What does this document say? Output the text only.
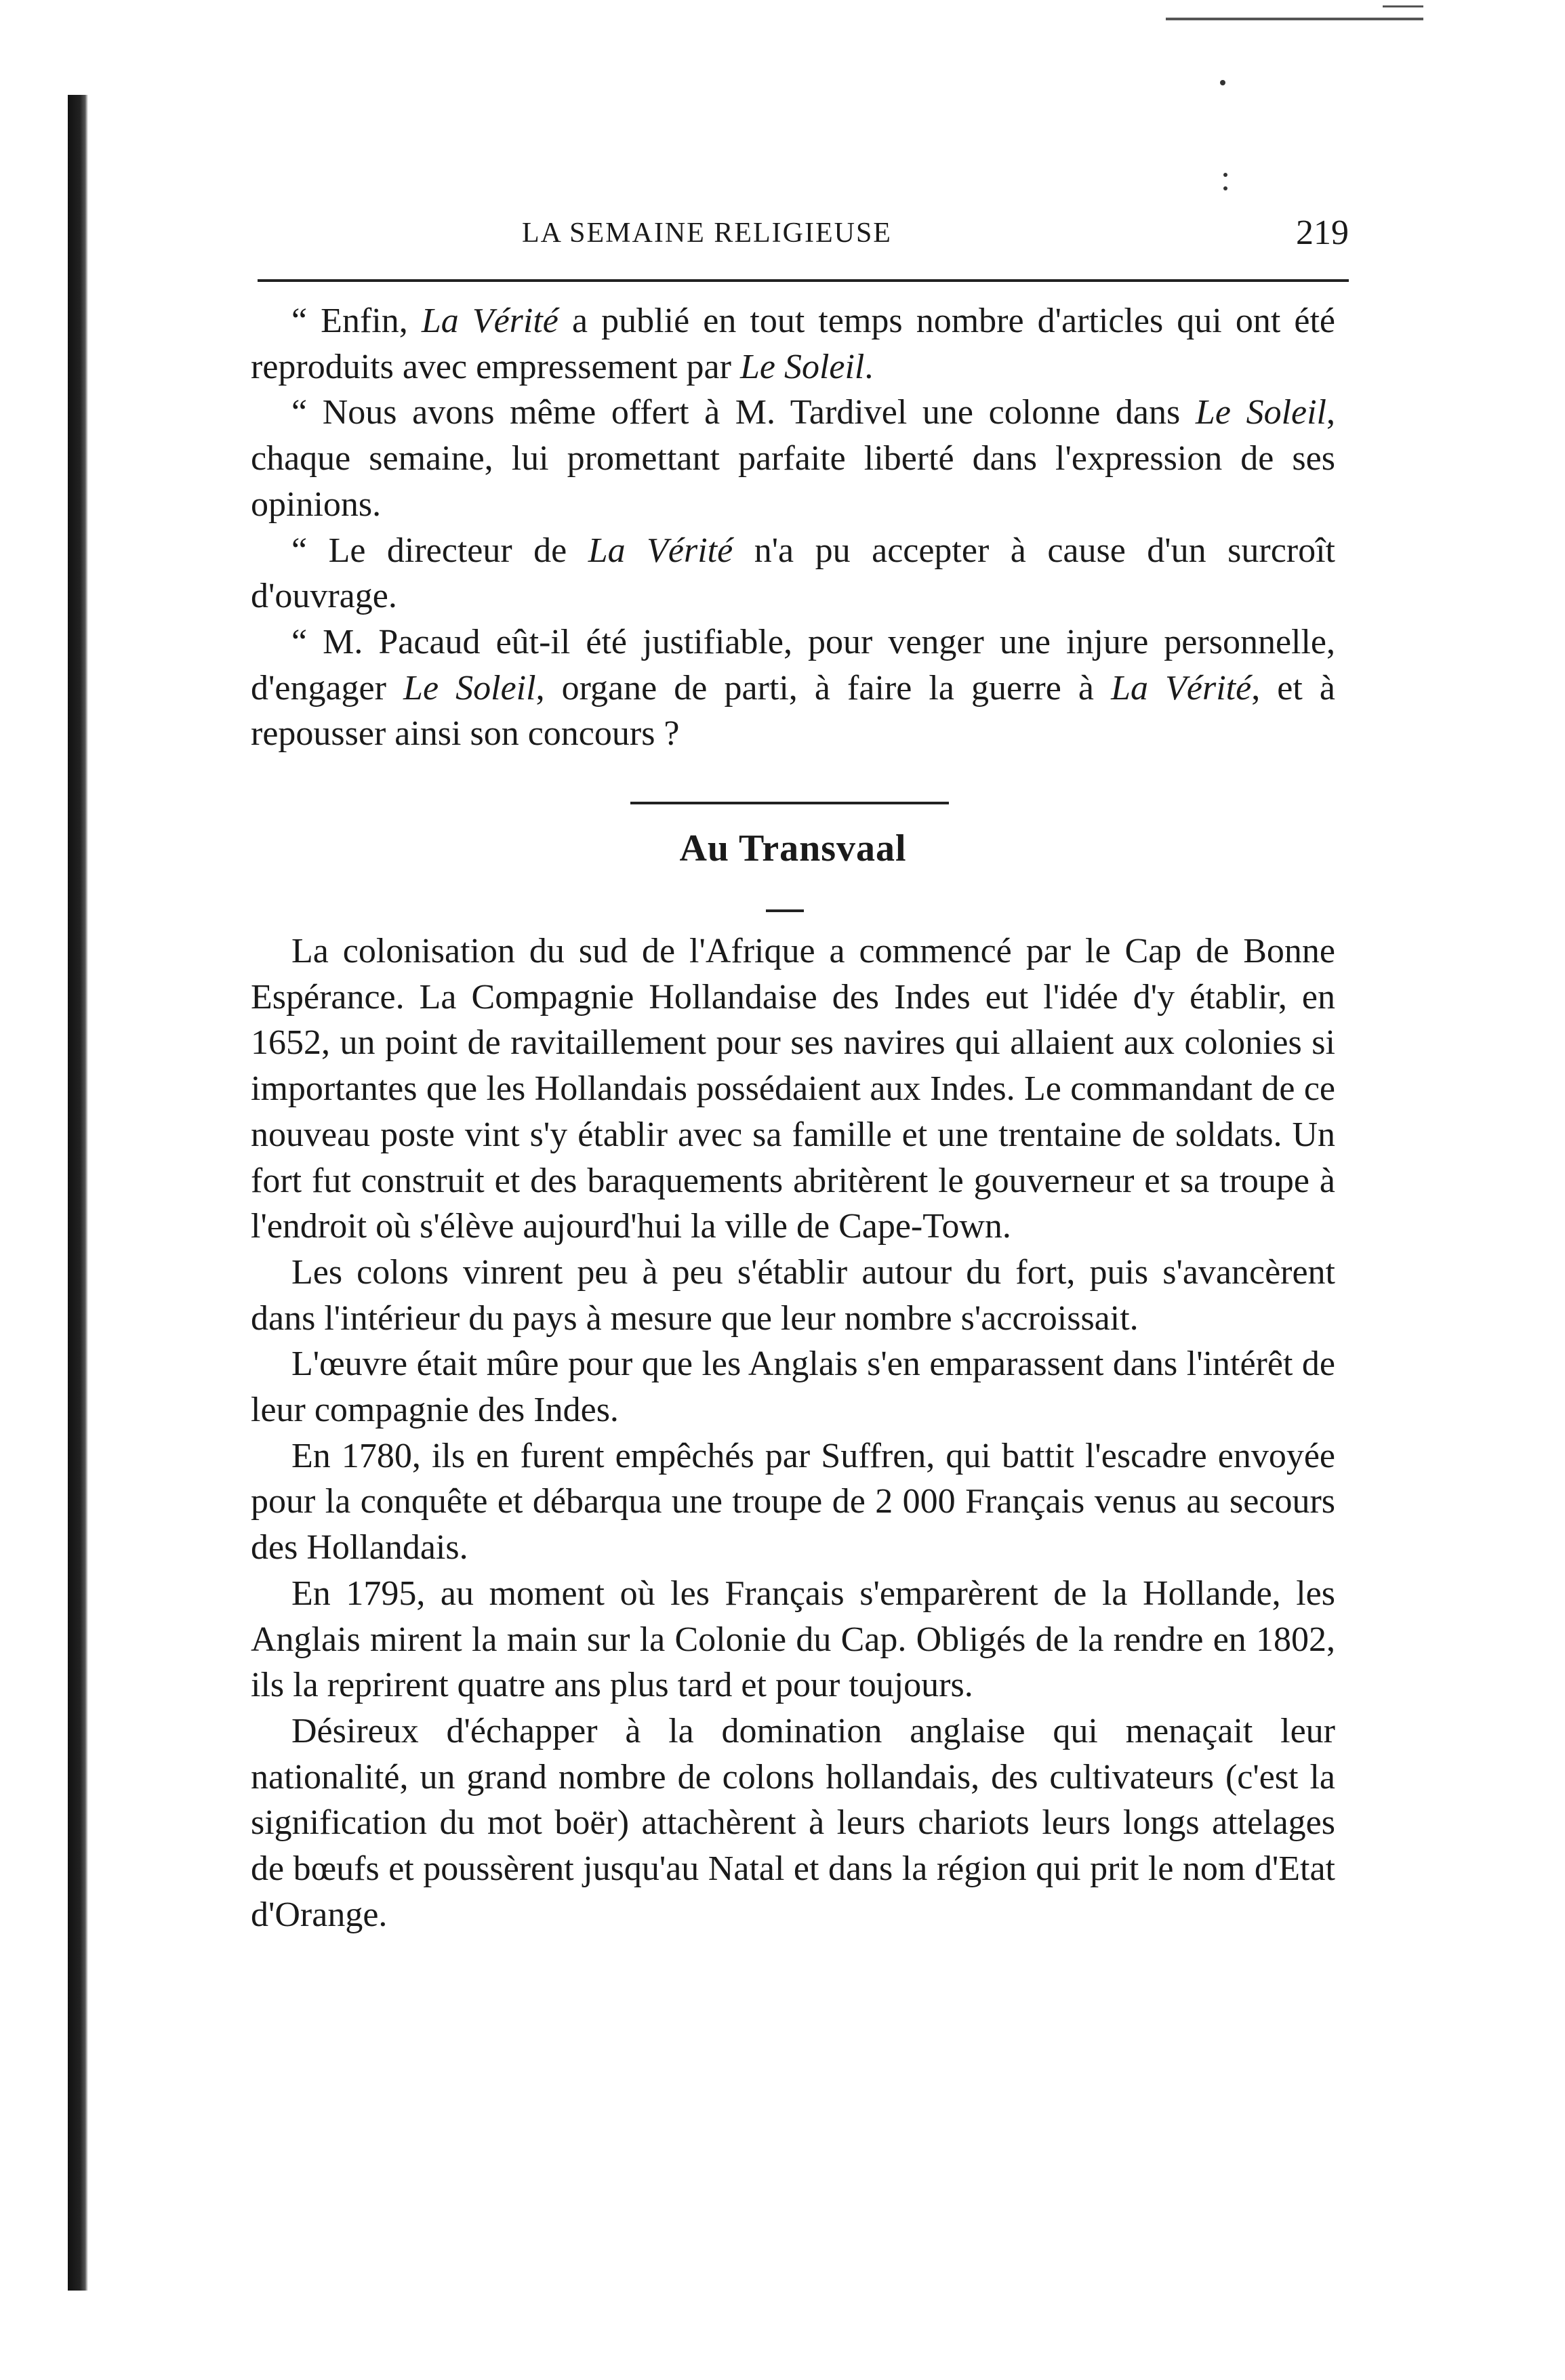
LA SEMAINE RELIGIEUSE	219

“ Enfin, La Vérité a publié en tout temps nombre d'articles qui ont été reproduits avec empressement par Le Soleil.

“ Nous avons même offert à M. Tardivel une colonne dans Le Soleil, chaque semaine, lui promettant parfaite liberté dans l'expression de ses opinions.

“ Le directeur de La Vérité n'a pu accepter à cause d'un surcroît d'ouvrage.

“ M. Pacaud eût-il été justifiable, pour venger une injure personnelle, d'engager Le Soleil, organe de parti, à faire la guerre à La Vérité, et à repousser ainsi son concours ?

Au Transvaal

La colonisation du sud de l'Afrique a commencé par le Cap de Bonne Espérance. La Compagnie Hollandaise des Indes eut l'idée d'y établir, en 1652, un point de ravitaillement pour ses navires qui allaient aux colonies si importantes que les Hollandais possédaient aux Indes. Le commandant de ce nouveau poste vint s'y établir avec sa famille et une trentaine de soldats. Un fort fut construit et des baraquements abritèrent le gouverneur et sa troupe à l'endroit où s'élève aujourd'hui la ville de Cape-Town.

Les colons vinrent peu à peu s'établir autour du fort, puis s'avancèrent dans l'intérieur du pays à mesure que leur nombre s'accroissait.

L'œuvre était mûre pour que les Anglais s'en emparassent dans l'intérêt de leur compagnie des Indes.

En 1780, ils en furent empêchés par Suffren, qui battit l'escadre envoyée pour la conquête et débarqua une troupe de 2 000 Français venus au secours des Hollandais.

En 1795, au moment où les Français s'emparèrent de la Hollande, les Anglais mirent la main sur la Colonie du Cap. Obligés de la rendre en 1802, ils la reprirent quatre ans plus tard et pour toujours.

Désireux d'échapper à la domination anglaise qui menaçait leur nationalité, un grand nombre de colons hollandais, des cultivateurs (c'est la signification du mot boër) attachèrent à leurs chariots leurs longs attelages de bœufs et poussèrent jusqu'au Natal et dans la région qui prit le nom d'Etat d'Orange.
